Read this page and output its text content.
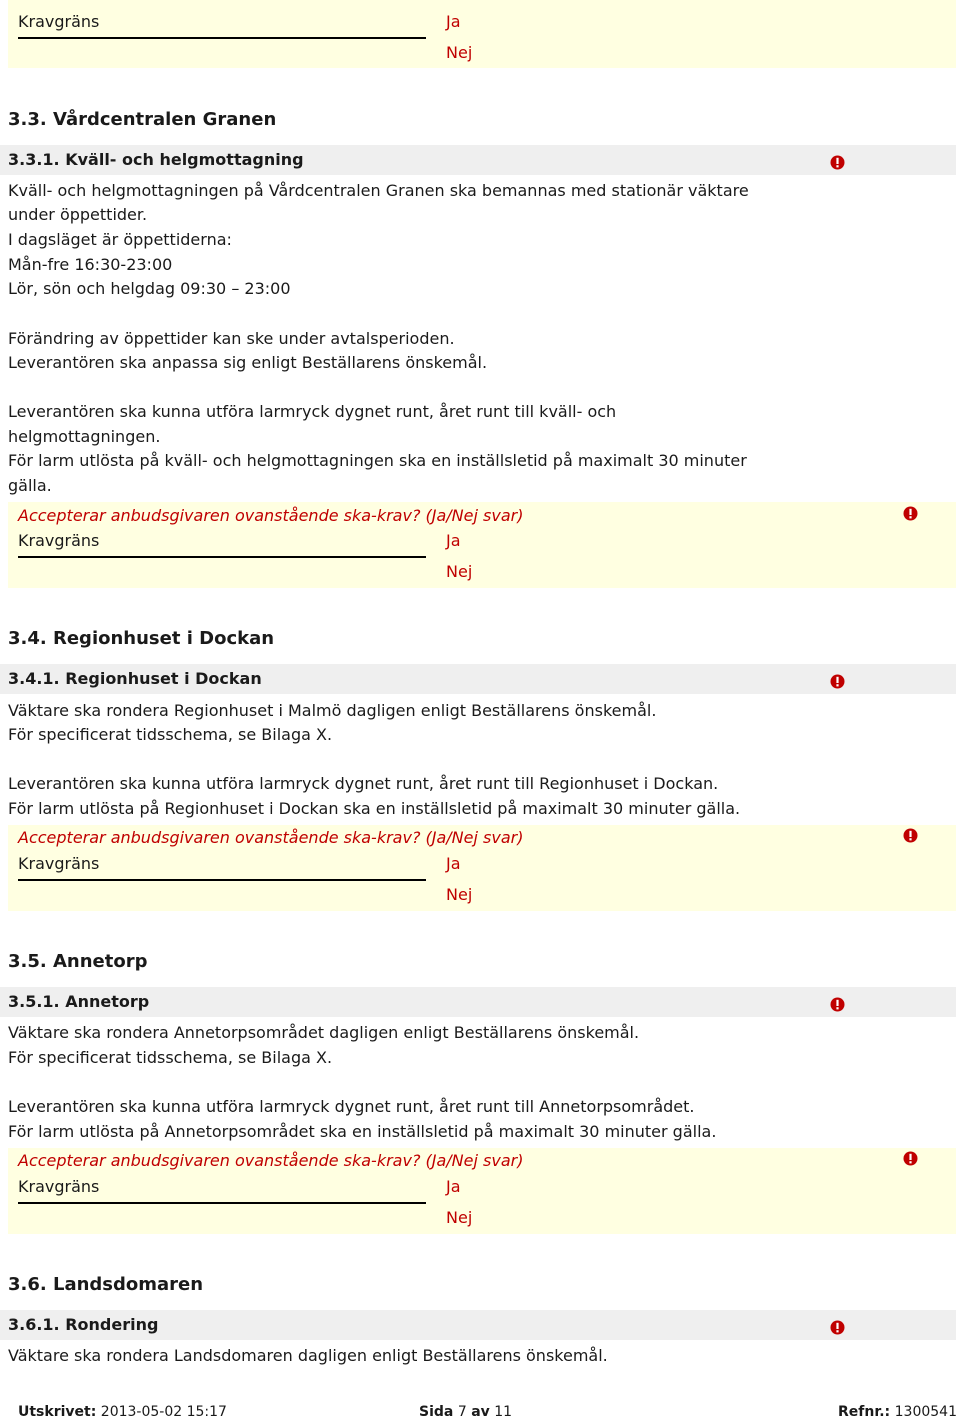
Kravgräns	Ja
Nej
3.3. Vårdcentralen Granen
3.3.1. Kväll- och helgmottagning
Kväll- och helgmottagningen på Vårdcentralen Granen ska bemannas med stationär väktare
under öppettider.
I dagsläget är öppettiderna:
Mån-fre 16:30-23:00
Lör, sön och helgdag 09:30 – 23:00
Förändring av öppettider kan ske under avtalsperioden.
Leverantören ska anpassa sig enligt Beställarens önskemål.
Leverantören ska kunna utföra larmryck dygnet runt, året runt till kväll- och
helgmottagningen.
För larm utlösta på kväll- och helgmottagningen ska en inställsletid på maximalt 30 minuter
gälla.
Accepterar anbudsgivaren ovanstående ska-krav? (Ja/Nej svar)
Kravgräns	Ja
Nej
3.4. Regionhuset i Dockan
3.4.1. Regionhuset i Dockan
Väktare ska rondera Regionhuset i Malmö dagligen enligt Beställarens önskemål.
För specificerat tidsschema, se Bilaga X.
Leverantören ska kunna utföra larmryck dygnet runt, året runt till Regionhuset i Dockan.
För larm utlösta på Regionhuset i Dockan ska en inställsletid på maximalt 30 minuter gälla.
Accepterar anbudsgivaren ovanstående ska-krav? (Ja/Nej svar)
Kravgräns	Ja
Nej
3.5. Annetorp
3.5.1. Annetorp
Väktare ska rondera Annetorpsområdet dagligen enligt Beställarens önskemål.
För specificerat tidsschema, se Bilaga X.
Leverantören ska kunna utföra larmryck dygnet runt, året runt till Annetorpsområdet.
För larm utlösta på Annetorpsområdet ska en inställsletid på maximalt 30 minuter gälla.
Accepterar anbudsgivaren ovanstående ska-krav? (Ja/Nej svar)
Kravgräns	Ja
Nej
3.6. Landsdomaren
3.6.1. Rondering
Väktare ska rondera Landsdomaren dagligen enligt Beställarens önskemål.
Utskrivet: 2013-05-02 15:17	Sida 7 av 11	Refnr.: 1300541
